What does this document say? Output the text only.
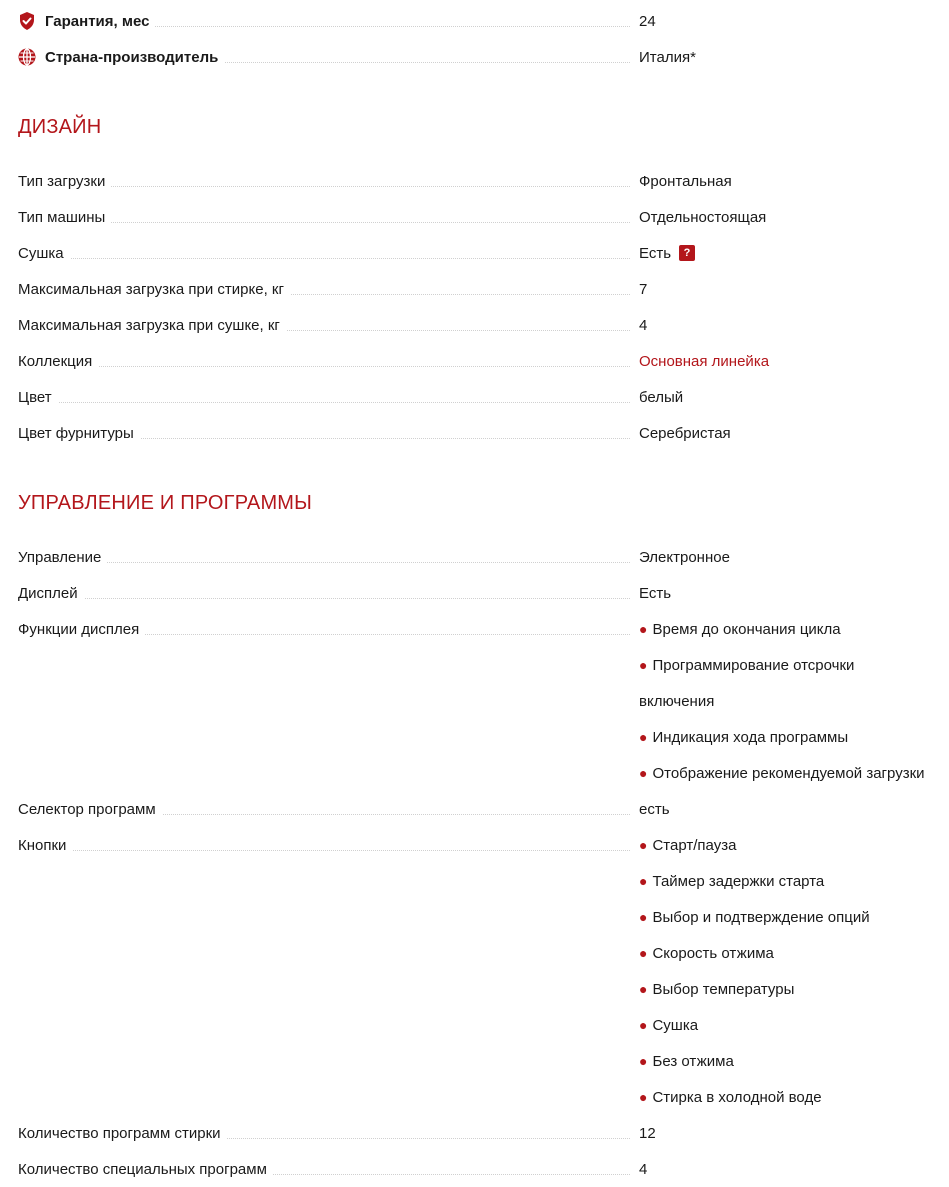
Гарантия, мес	24
Страна-производитель	Италия*
ДИЗАЙН
Тип загрузки	Фронтальная
Тип машины	Отдельностоящая
Сушка	Есть	?
Максимальная загрузка при стирке, кг	7
Максимальная загрузка при сушке, кг	4
Коллекция	Основная линейка
Цвет	белый
Цвет фурнитуры	Серебристая
УПРАВЛЕНИЕ И ПРОГРАММЫ
Управление	Электронное
Дисплей	Есть
Функции дисплея	● Время до окончания цикла
● Программирование отсрочки
включения
● Индикация хода программы
● Отображение рекомендуемой загрузки
Селектор программ	есть
Кнопки	● Старт/пауза
● Таймер задержки старта
● Выбор и подтверждение опций
● Скорость отжима
● Выбор температуры
● Сушка
● Без отжима
● Стирка в холодной воде
Количество программ стирки	12
Количество специальных программ	4
